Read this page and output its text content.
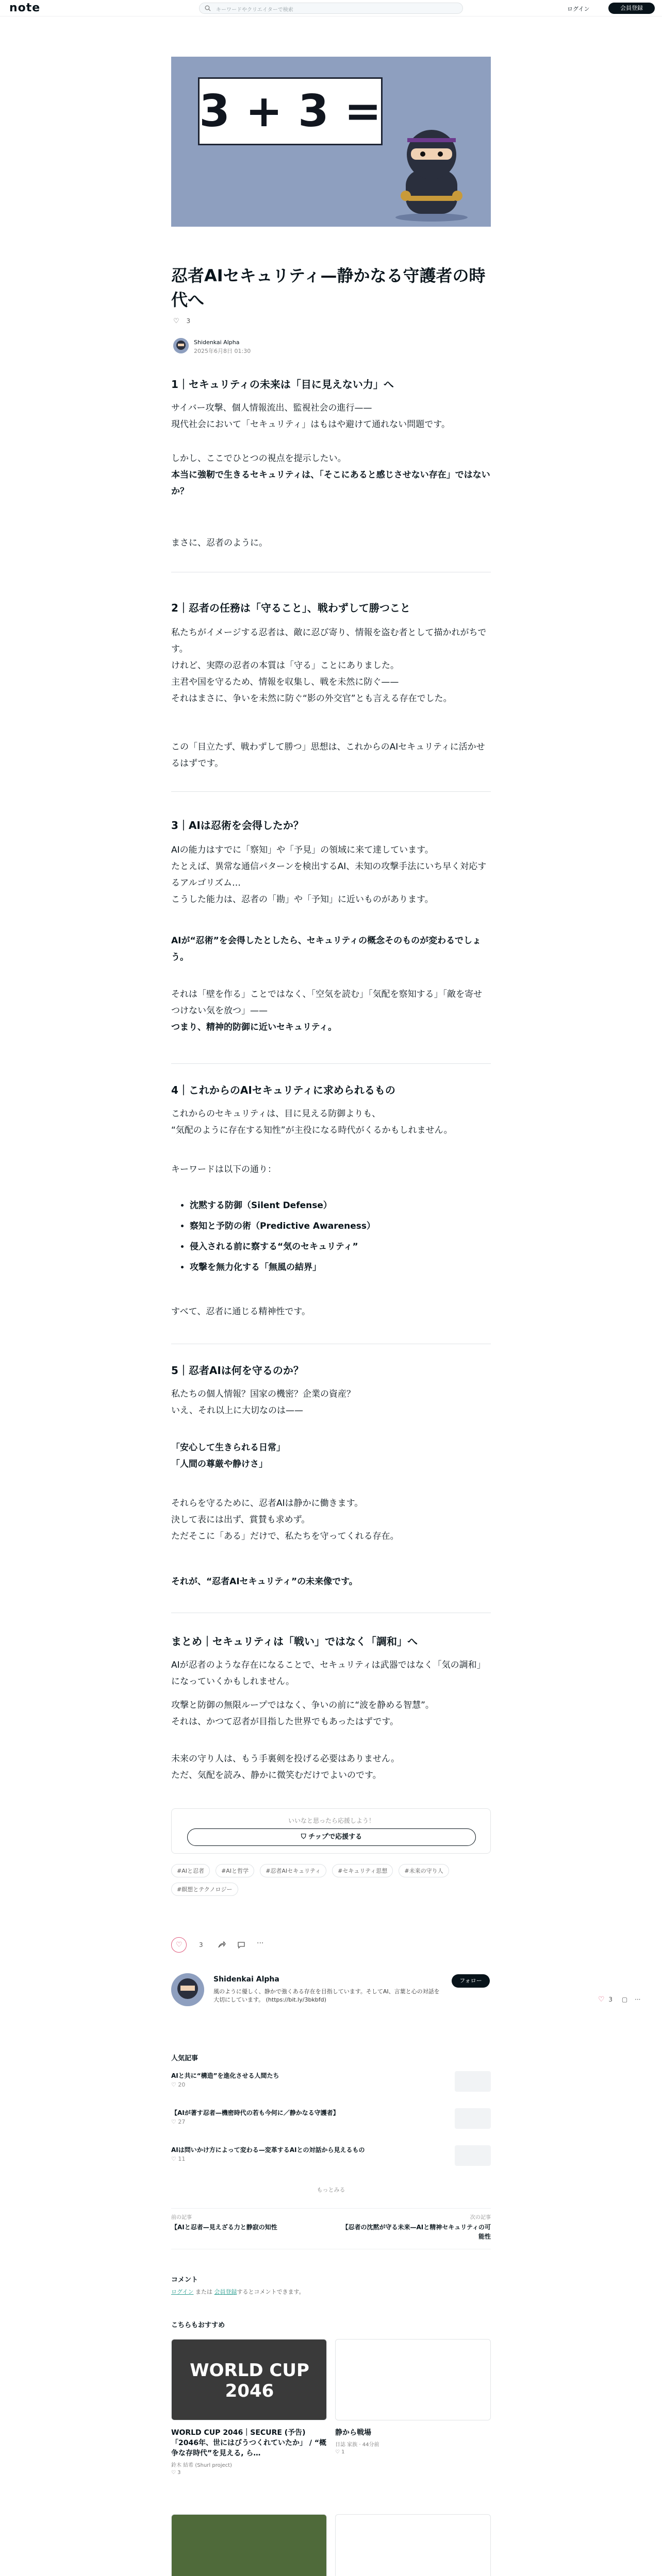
note	キーワードやクリエイターで検索	ログイン	会員登録
3 + 3 =
忍者AIセキュリティ—静かなる守護者の時代へ
♡ 3
Shidenkai Alpha
2025年6月8日 01:30
1｜セキュリティの未来は「目に見えない力」へ
サイバー攻撃、個人情報流出、監視社会の進行——
現代社会において「セキュリティ」はもはや避けて通れない問題です。
しかし、ここでひとつの視点を提示したい。
本当に強靭で生きるセキュリティは、「そこにあると感じさせない存在」ではないか？
まさに、忍者のように。
2｜忍者の任務は「守ること」、戦わずして勝つこと
私たちがイメージする忍者は、敵に忍び寄り、情報を盗む者として描かれがちです。
けれど、実際の忍者の本質は「守る」ことにありました。
主君や国を守るため、情報を収集し、戦を未然に防ぐ——
それはまさに、争いを未然に防ぐ“影の外交官”とも言える存在でした。
この「目立たず、戦わずして勝つ」思想は、これからのAIセキュリティに活かせるはずです。
3｜AIは忍術を会得したか？
AIの能力はすでに「察知」や「予見」の領域に来て達しています。
たとえば、異常な通信パターンを検出するAI、未知の攻撃手法にいち早く対応するアルゴリズム…
こうした能力は、忍者の「勘」や「予知」に近いものがあります。
AIが“忍術”を会得したとしたら、セキュリティの概念そのものが変わるでしょう。
それは「壁を作る」ことではなく、「空気を読む」「気配を察知する」「敵を寄せつけない気を放つ」——
つまり、精神的防御に近いセキュリティ。
4｜これからのAIセキュリティに求められるもの
これからのセキュリティは、目に見える防御よりも、
“気配のように存在する知性”が主役になる時代がくるかもしれません。
キーワードは以下の通り：
• 沈黙する防御（Silent Defense）
• 察知と予防の術（Predictive Awareness）
• 侵入される前に察する“気のセキュリティ”
• 攻撃を無力化する「無風の結界」
すべて、忍者に通じる精神性です。
5｜忍者AIは何を守るのか？
私たちの個人情報？国家の機密？企業の資産？
いえ、それ以上に大切なのは——
「安心して生きられる日常」
「人間の尊厳や静けさ」
それらを守るために、忍者AIは静かに働きます。
決して表には出ず、賞賛も求めず。
ただそこに「ある」だけで、私たちを守ってくれる存在。
それが、“忍者AIセキュリティ”の未来像です。
まとめ｜セキュリティは「戦い」ではなく「調和」へ
AIが忍者のような存在になることで、セキュリティは武器ではなく「気の調和」になっていくかもしれません。
攻撃と防御の無限ループではなく、争いの前に“波を静める智慧”。
それは、かつて忍者が目指した世界でもあったはずです。
未来の守り人は、もう手裏剣を投げる必要はありません。
ただ、気配を読み、静かに微笑むだけでよいのです。
いいなと思ったら応援しよう！
⛉ チップで応援する
#AIと忍者	#AIと哲学	#忍者AIセキュリティ	#セキュリティ思想	#未来の守り人 #瞑想とテクノロジー
♡	3	···
Shidenkai Alpha
風のように優しく、静かで強くある存在を目指しています。そしてAI、言葉と心の対話を大切にしています。 (https://bit.ly/3bkbfd)
フォロー
♡ 3 ▢ ···
人気記事
AIと共に“構造”を進化させる人間たち
♡ 20
【AIが著す忍者—機密時代の若も今何に／静かなる守護者】
♡ 27
AIは問いかけ方によって変わる—変革するAIとの対話から見えるもの
♡ 11
もっとみる
前の記事
【AIと忍者—見えざる力と静寂の知性
次の記事
【忍者の沈黙が守る未来—AIと精神セキュリティの可能性
コメント
ログイン または 会員登録するとコメントできます。
こちらもおすすめ
WORLD CUP 2046
WORLD CUP 2046｜SECURE (予告)「2046年、世にはびうつくれていたか」 / “概争な存時代”を見える, ら…
鈴木 結希 (Shurl project)
♡ 3
静から戦場
日誌 家族 · 44分前
♡ 1
